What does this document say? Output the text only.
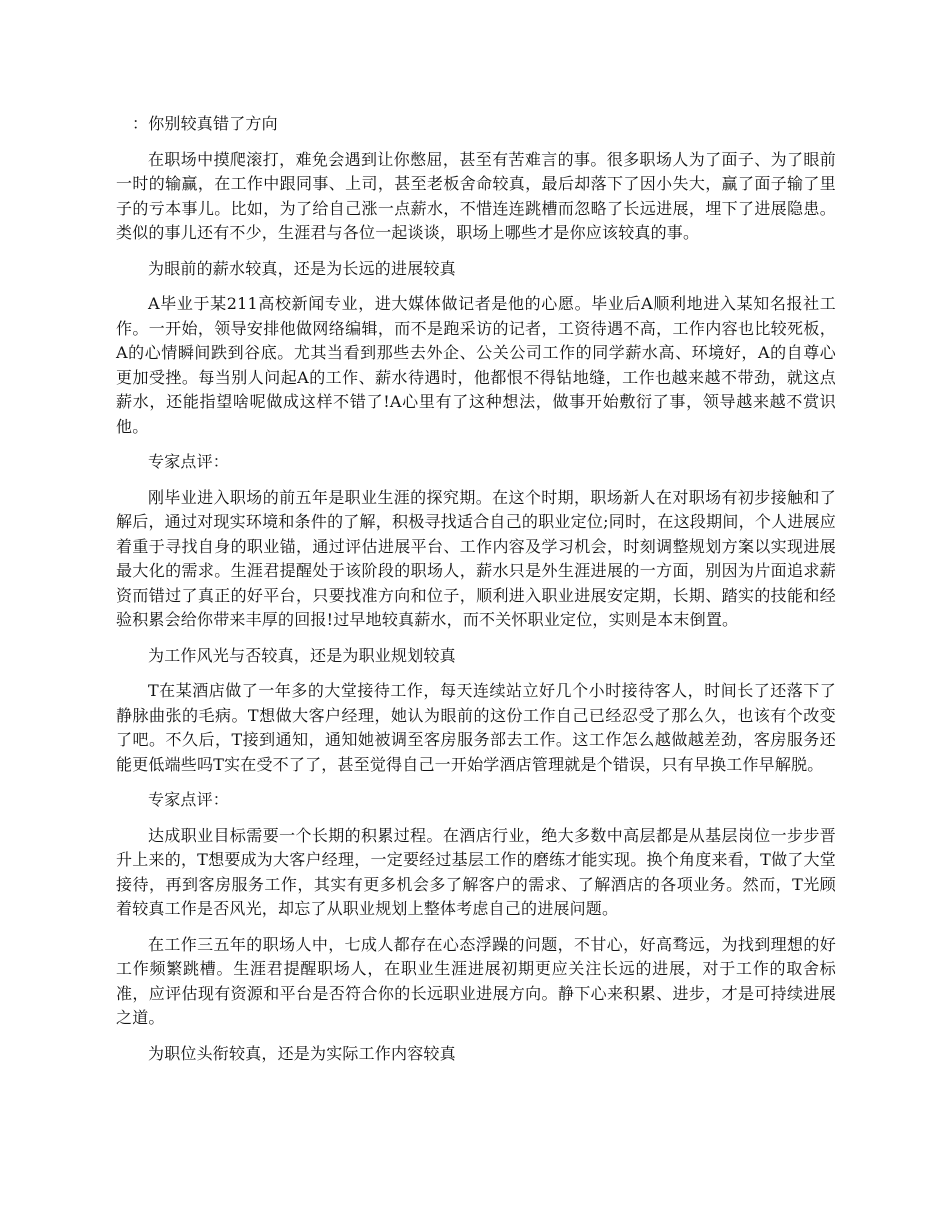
：你别较真错了方向

在职场中摸爬滚打，难免会遇到让你憋屈，甚至有苦难言的事。很多职场人为了面子、为了眼前一时的输赢，在工作中跟同事、上司，甚至老板舍命较真，最后却落下了因小失大，赢了面子输了里子的亏本事儿。比如，为了给自己涨一点薪水，不惜连连跳槽而忽略了长远进展，埋下了进展隐患。类似的事儿还有不少，生涯君与各位一起谈谈，职场上哪些才是你应该较真的事。

为眼前的薪水较真，还是为长远的进展较真

A毕业于某211高校新闻专业，进大媒体做记者是他的心愿。毕业后A顺利地进入某知名报社工作。一开始，领导安排他做网络编辑，而不是跑采访的记者，工资待遇不高，工作内容也比较死板，A的心情瞬间跌到谷底。尤其当看到那些去外企、公关公司工作的同学薪水高、环境好，A的自尊心更加受挫。每当别人问起A的工作、薪水待遇时，他都恨不得钻地缝，工作也越来越不带劲，就这点薪水，还能指望啥呢做成这样不错了!A心里有了这种想法，做事开始敷衍了事，领导越来越不赏识他。

专家点评：

刚毕业进入职场的前五年是职业生涯的探究期。在这个时期，职场新人在对职场有初步接触和了解后，通过对现实环境和条件的了解，积极寻找适合自己的职业定位;同时，在这段期间，个人进展应着重于寻找自身的职业锚，通过评估进展平台、工作内容及学习机会，时刻调整规划方案以实现进展最大化的需求。生涯君提醒处于该阶段的职场人，薪水只是外生涯进展的一方面，别因为片面追求薪资而错过了真正的好平台，只要找准方向和位子，顺利进入职业进展安定期，长期、踏实的技能和经验积累会给你带来丰厚的回报!过早地较真薪水，而不关怀职业定位，实则是本末倒置。

为工作风光与否较真，还是为职业规划较真

T在某酒店做了一年多的大堂接待工作，每天连续站立好几个小时接待客人，时间长了还落下了静脉曲张的毛病。T想做大客户经理，她认为眼前的这份工作自己已经忍受了那么久，也该有个改变了吧。不久后，T接到通知，通知她被调至客房服务部去工作。这工作怎么越做越差劲，客房服务还能更低端些吗T实在受不了了，甚至觉得自己一开始学酒店管理就是个错误，只有早换工作早解脱。

专家点评：

达成职业目标需要一个长期的积累过程。在酒店行业，绝大多数中高层都是从基层岗位一步步晋升上来的，T想要成为大客户经理，一定要经过基层工作的磨练才能实现。换个角度来看，T做了大堂接待，再到客房服务工作，其实有更多机会多了解客户的需求、了解酒店的各项业务。然而，T光顾着较真工作是否风光，却忘了从职业规划上整体考虑自己的进展问题。

在工作三五年的职场人中，七成人都存在心态浮躁的问题，不甘心，好高骛远，为找到理想的好工作频繁跳槽。生涯君提醒职场人，在职业生涯进展初期更应关注长远的进展，对于工作的取舍标准，应评估现有资源和平台是否符合你的长远职业进展方向。静下心来积累、进步，才是可持续进展之道。

为职位头衔较真，还是为实际工作内容较真
